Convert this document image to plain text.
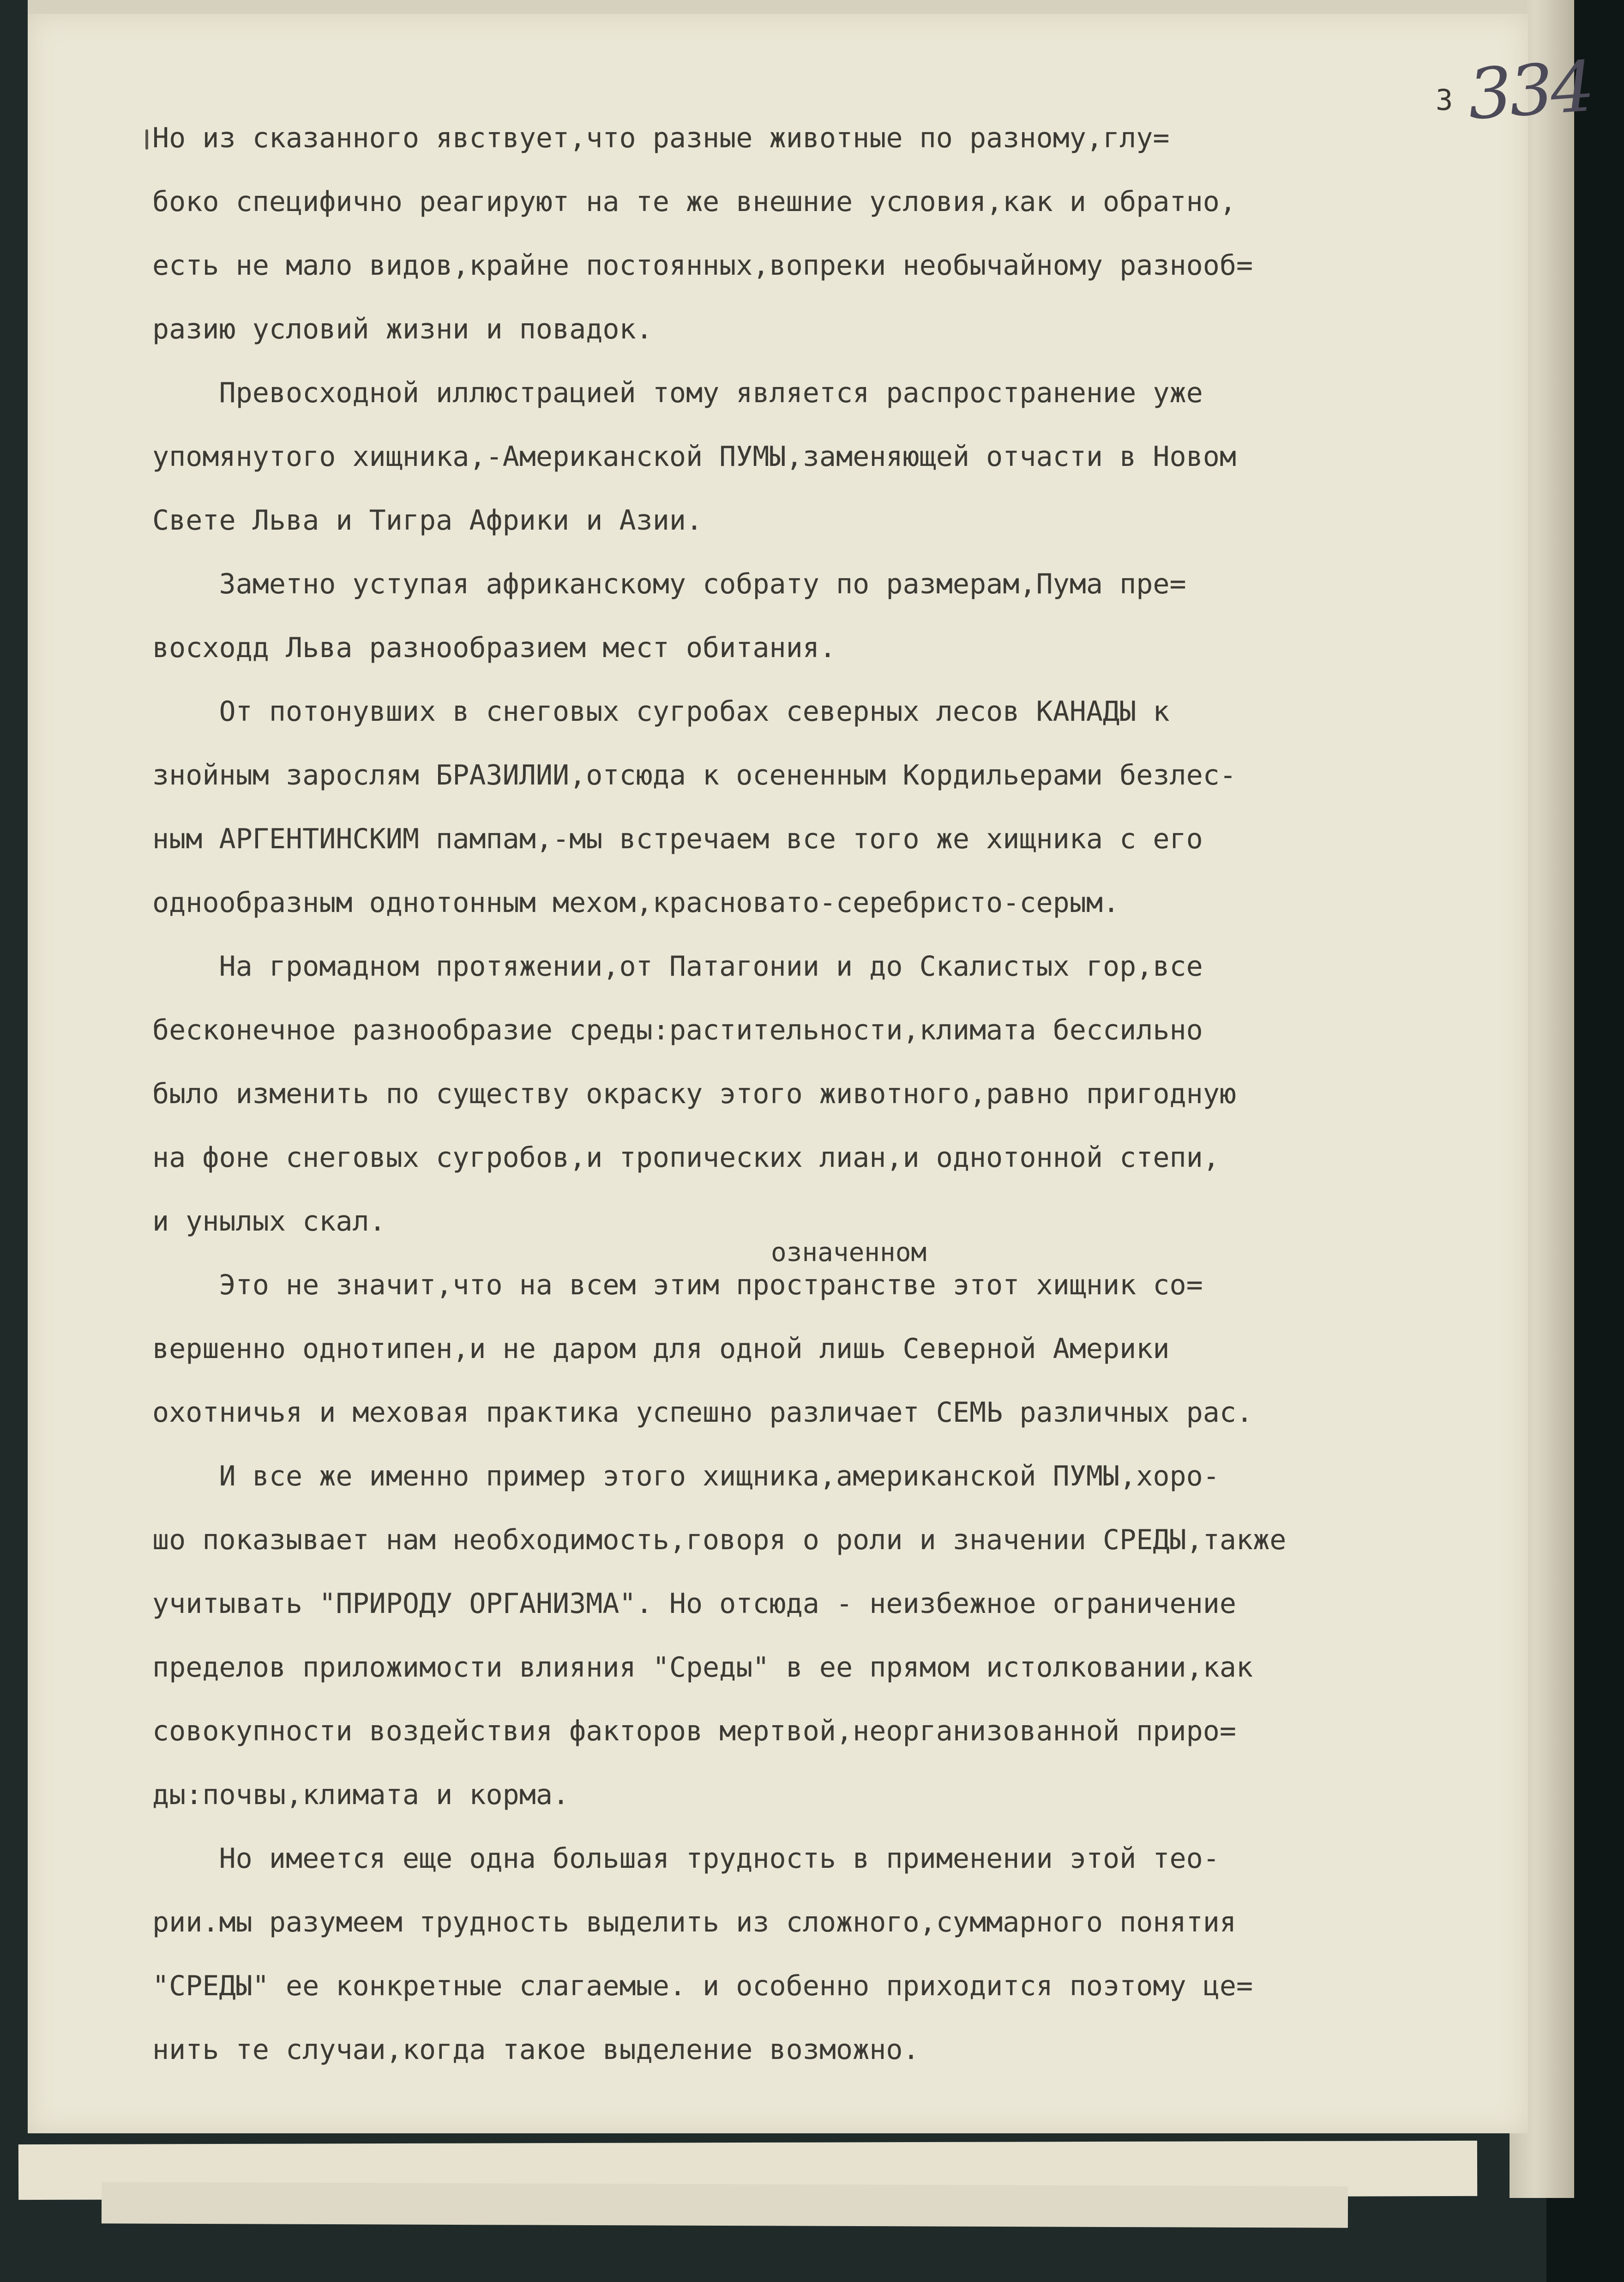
334
3
означенном
Но из сказанного явствует,что разные животные по разному,глу=
боко специфично реагируют на те же внешние условия,как и обратно,
есть не мало видов,крайне постоянных,вопреки необычайному разнооб=
разию условий жизни и повадок.
Превосходной иллюстрацией тому является распространение уже
упомянутого хищника,-Американской ПУМЫ,заменяющей отчасти в Новом
Свете Льва и Тигра Африки и Азии.
Заметно уступая африканскому собрату по размерам,Пума пре=
восходд Льва разнообразием мест обитания.
От потонувших в снеговых сугробах северных лесов КАНАДЫ к
знойным зарослям БРАЗИЛИИ,отсюда к осененным Кордильерами безлес-
ным АРГЕНТИНСКИМ пампам,-мы встречаем все того же хищника с его
однообразным однотонным мехом,красновато-серебристо-серым.
На громадном протяжении,от Патагонии и до Скалистых гор,все
бесконечное разнообразие среды:растительности,климата бессильно
было изменить по существу окраску этого животного,равно пригодную
на фоне снеговых сугробов,и тропических лиан,и однотонной степи,
и унылых скал.
Это не значит,что на всем этим пространстве этот хищник со=
вершенно однотипен,и не даром для одной лишь Северной Америки
охотничья и меховая практика успешно различает СЕМЬ различных рас.
И все же именно пример этого хищника,американской ПУМЫ,хоро-
шо показывает нам необходимость,говоря о роли и значении СРЕДЫ,также
учитывать "ПРИРОДУ ОРГАНИЗМА". Но отсюда - неизбежное ограничение
пределов приложимости влияния "Среды" в ее прямом истолковании,как
совокупности воздействия факторов мертвой,неорганизованной приро=
ды:почвы,климата и корма.
Но имеется еще одна большая трудность в применении этой тео-
рии.мы разумеем трудность выделить из сложного,суммарного понятия
"СРЕДЫ" ее конкретные слагаемые. и особенно приходится поэтому це=
нить те случаи,когда такое выделение возможно.
